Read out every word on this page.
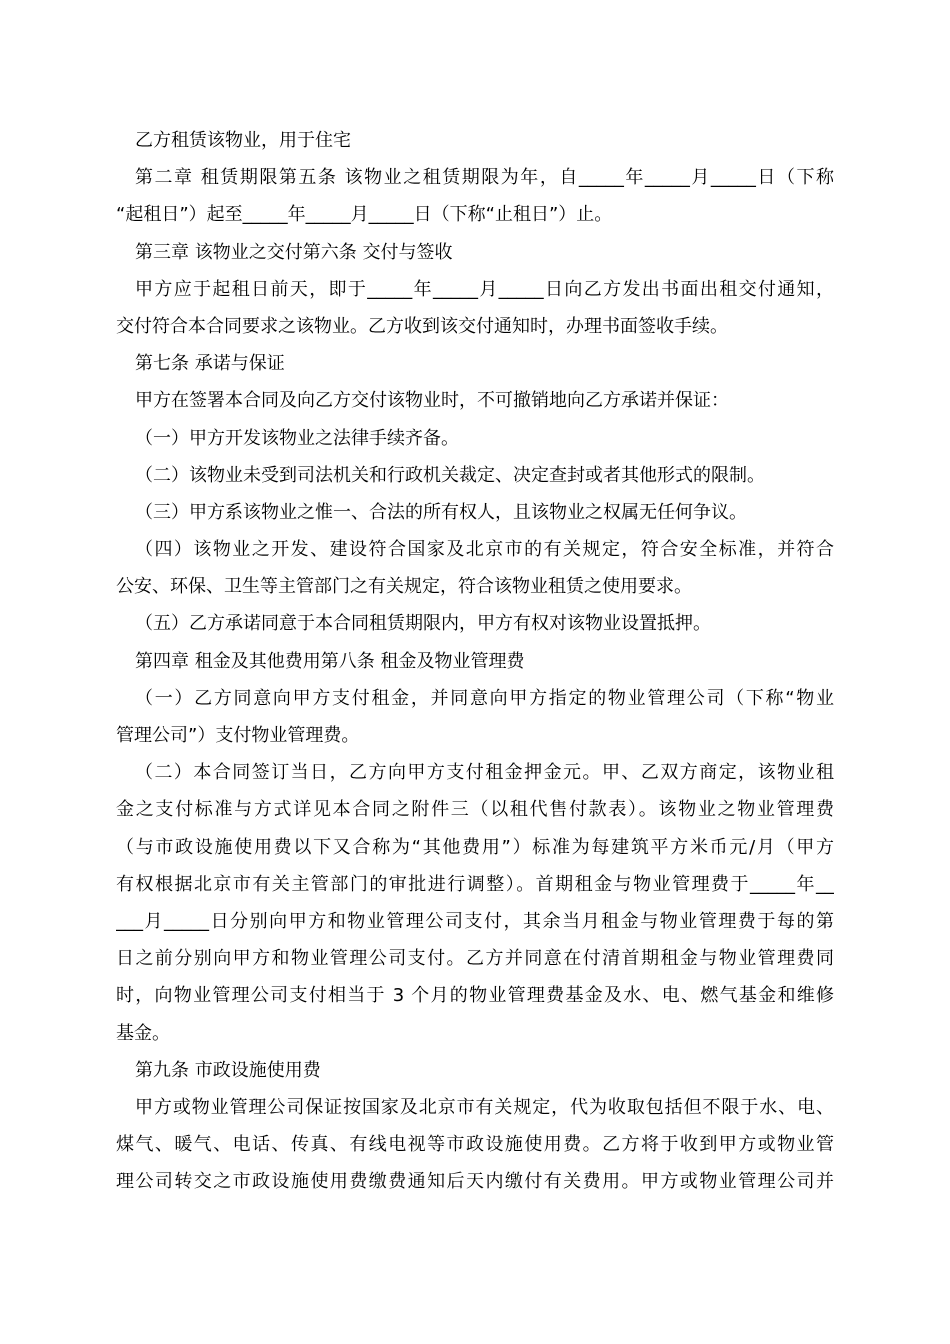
乙方租赁该物业，用于住宅
第二章 租赁期限第五条 该物业之租赁期限为年，自_____年_____月_____日（下称
“起租日”）起至_____年_____月_____日（下称“止租日”）止。
第三章 该物业之交付第六条 交付与签收
甲方应于起租日前天，即于_____年_____月_____日向乙方发出书面出租交付通知，
交付符合本合同要求之该物业。乙方收到该交付通知时，办理书面签收手续。
第七条 承诺与保证
甲方在签署本合同及向乙方交付该物业时，不可撤销地向乙方承诺并保证：
（一）甲方开发该物业之法律手续齐备。
（二）该物业未受到司法机关和行政机关裁定、决定查封或者其他形式的限制。
（三）甲方系该物业之惟一、合法的所有权人，且该物业之权属无任何争议。
（四）该物业之开发、建设符合国家及北京市的有关规定，符合安全标准，并符合
公安、环保、卫生等主管部门之有关规定，符合该物业租赁之使用要求。
（五）乙方承诺同意于本合同租赁期限内，甲方有权对该物业设置抵押。
第四章 租金及其他费用第八条 租金及物业管理费
（一）乙方同意向甲方支付租金，并同意向甲方指定的物业管理公司（下称“物业
管理公司”）支付物业管理费。
（二）本合同签订当日，乙方向甲方支付租金押金元。甲、乙双方商定，该物业租
金之支付标准与方式详见本合同之附件三（以租代售付款表）。该物业之物业管理费
（与市政设施使用费以下又合称为“其他费用”）标准为每建筑平方米币元/月（甲方
有权根据北京市有关主管部门的审批进行调整）。首期租金与物业管理费于_____年__
___月_____日分别向甲方和物业管理公司支付，其余当月租金与物业管理费于每的第
日之前分别向甲方和物业管理公司支付。乙方并同意在付清首期租金与物业管理费同
时，向物业管理公司支付相当于 3 个月的物业管理费基金及水、电、燃气基金和维修
基金。
第九条 市政设施使用费
甲方或物业管理公司保证按国家及北京市有关规定，代为收取包括但不限于水、电、
煤气、暖气、电话、传真、有线电视等市政设施使用费。乙方将于收到甲方或物业管
理公司转交之市政设施使用费缴费通知后天内缴付有关费用。甲方或物业管理公司并
